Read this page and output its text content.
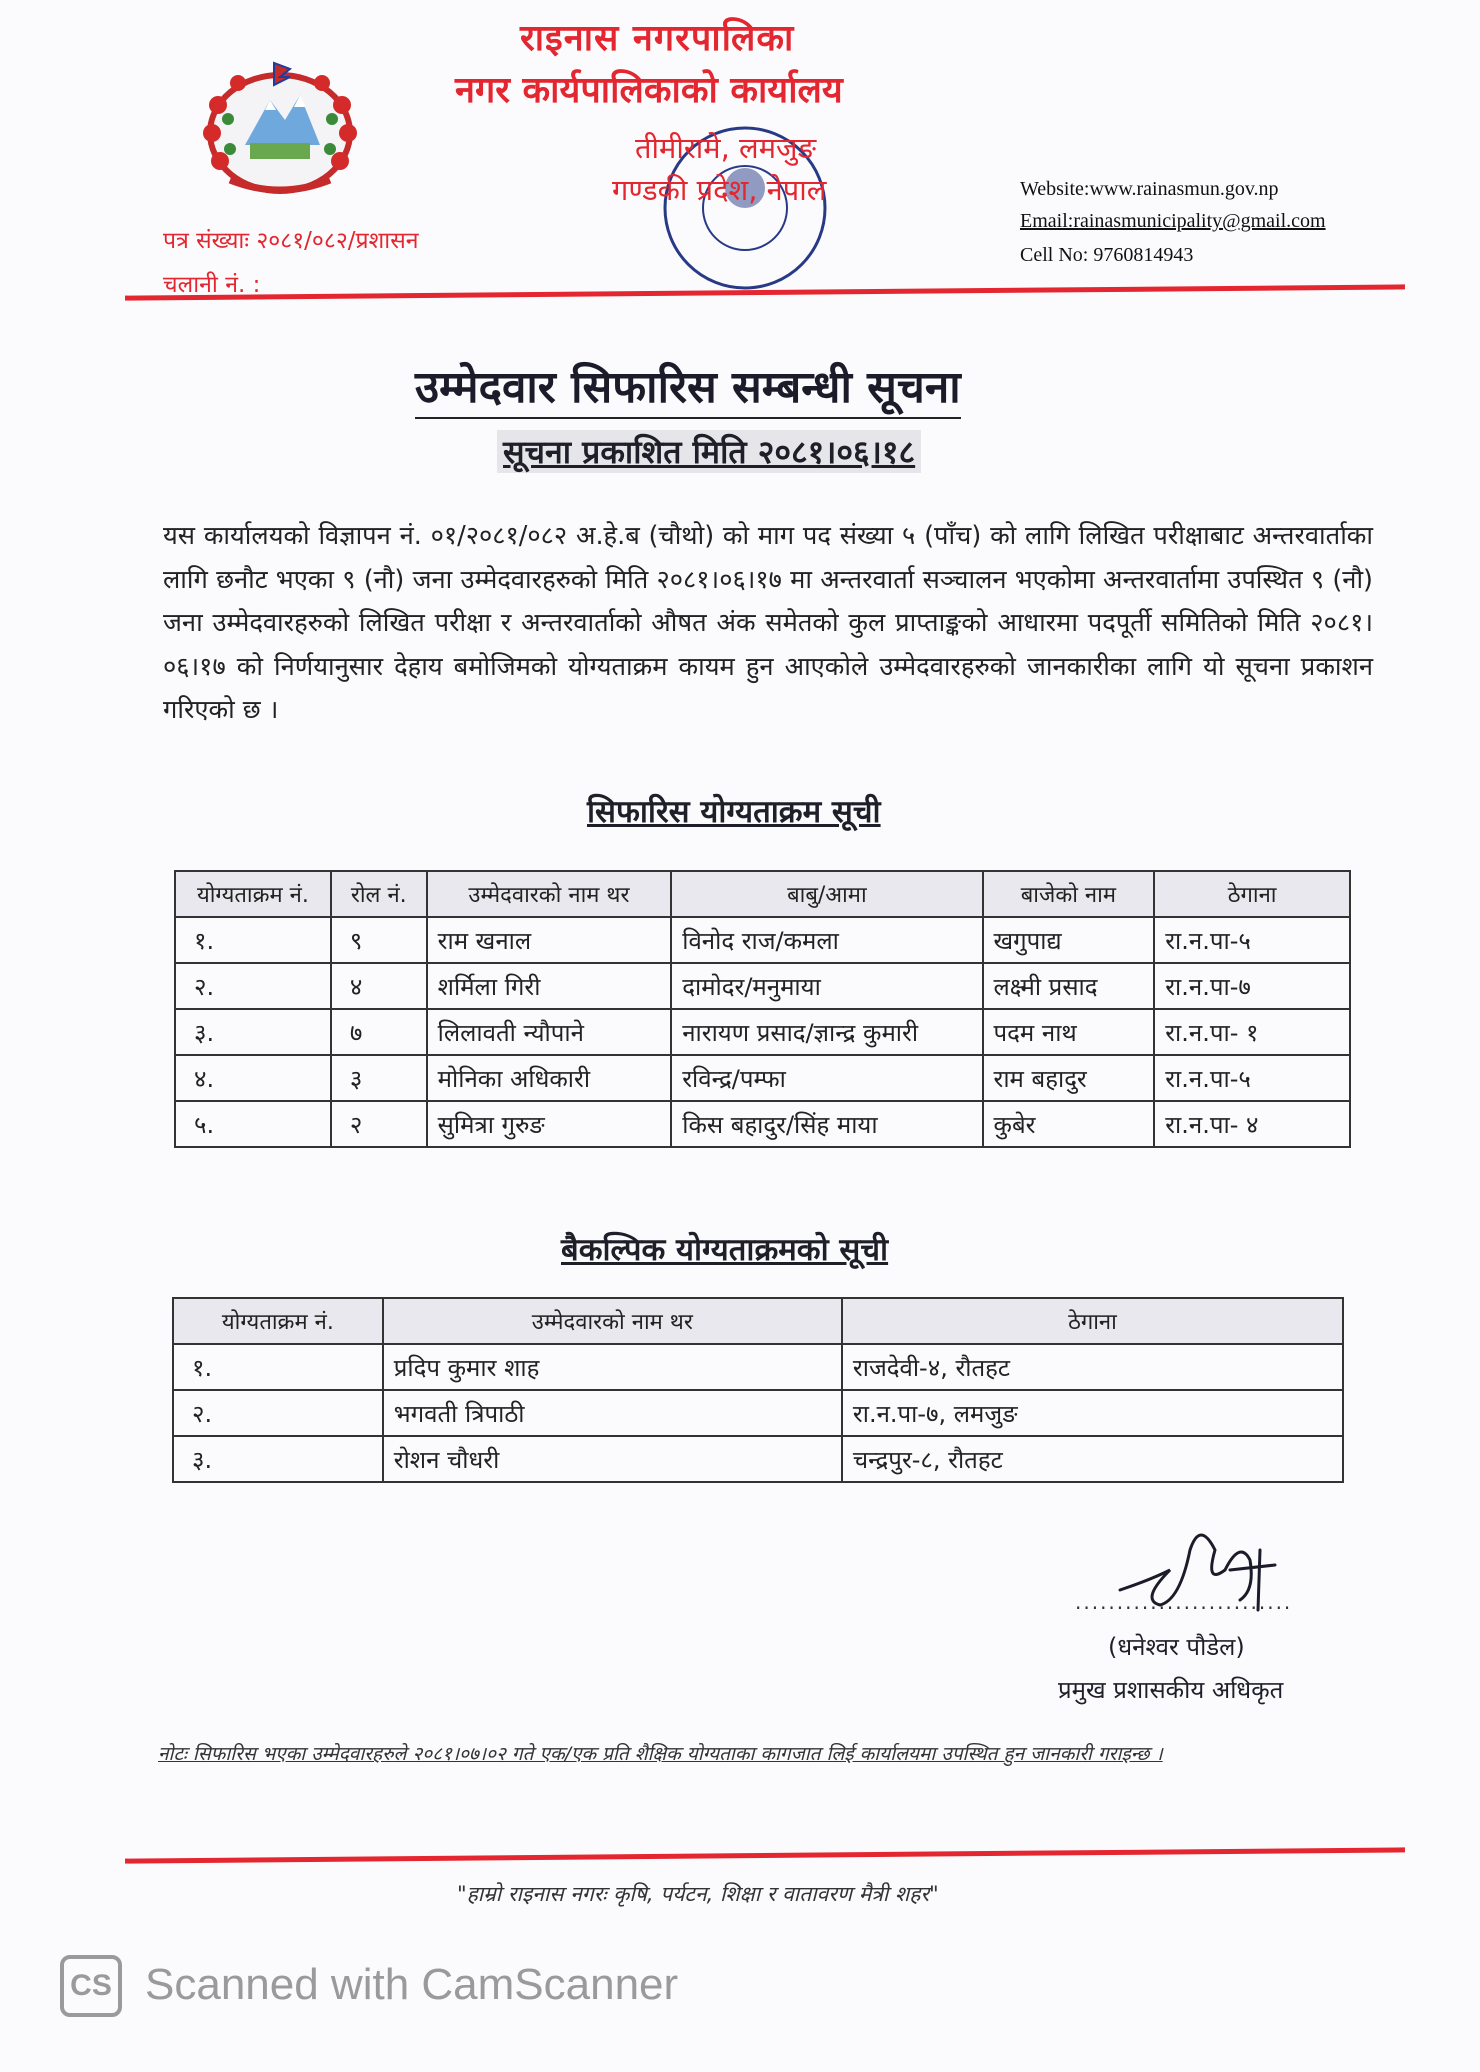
राइनास नगरपालिका
नगर कार्यपालिकाको कार्यालय
तीमीरामे, लमजुङ
गण्डकी प्रदेश, नेपाल
पत्र संख्याः २०८१/०८२/प्रशासन
चलानी नं. :
Website:www.rainasmun.gov.np
Email:rainasmunicipality@gmail.com
Cell No: 9760814943
उम्मेदवार सिफारिस सम्बन्धी सूचना
सूचना प्रकाशित मिति २०८१।०६।१८
यस कार्यालयको विज्ञापन नं. ०१/२०८१/०८२ अ.हे.ब (चौथो) को माग पद संख्या ५ (पाँच) को लागि लिखित परीक्षाबाट अन्तरवार्ताका लागि छनौट भएका ९ (नौ) जना उम्मेदवारहरुको मिति २०८१।०६।१७ मा अन्तरवार्ता सञ्चालन भएकोमा अन्तरवार्तामा उपस्थित ९ (नौ) जना उम्मेदवारहरुको लिखित परीक्षा र अन्तरवार्ताको औषत अंक समेतको कुल प्राप्ताङ्कको आधारमा पदपूर्ती समितिको मिति २०८१।०६।१७ को निर्णयानुसार देहाय बमोजिमको योग्यताक्रम कायम हुन आएकोले उम्मेदवारहरुको जानकारीका लागि यो सूचना प्रकाशन गरिएको छ ।
सिफारिस योग्यताक्रम सूची
योग्यताक्रम नं.	रोल नं.	उम्मेदवारको नाम थर	बाबु/आमा	बाजेको नाम	ठेगाना
१.	९	राम खनाल	विनोद राज/कमला	खगुपाद्य	रा.न.पा-५
२.	४	शर्मिला गिरी	दामोदर/मनुमाया	लक्ष्मी प्रसाद	रा.न.पा-७
३.	७	लिलावती न्यौपाने	नारायण प्रसाद/ज्ञान्द्र कुमारी	पदम नाथ	रा.न.पा- १
४.	३	मोनिका अधिकारी	रविन्द्र/पम्फा	राम बहादुर	रा.न.पा-५
५.	२	सुमित्रा गुरुङ	किस बहादुर/सिंह माया	कुबेर	रा.न.पा- ४
बैकल्पिक योग्यताक्रमको सूची
योग्यताक्रम नं.	उम्मेदवारको नाम थर	ठेगाना
१.	प्रदिप कुमार शाह	राजदेवी-४, रौतहट
२.	भगवती त्रिपाठी	रा.न.पा-७, लमजुङ
३.	रोशन चौधरी	चन्द्रपुर-८, रौतहट
..........................
(धनेश्वर पौडेल)
प्रमुख प्रशासकीय अधिकृत
नोटः सिफारिस भएका उम्मेदवारहरुले २०८१।०७।०२ गते एक/एक प्रति शैक्षिक योग्यताका कागजात लिई कार्यालयमा उपस्थित हुन जानकारी गराइन्छ ।
"हाम्रो राइनास नगरः कृषि, पर्यटन, शिक्षा र वातावरण मैत्री शहर"
CS Scanned with CamScanner
